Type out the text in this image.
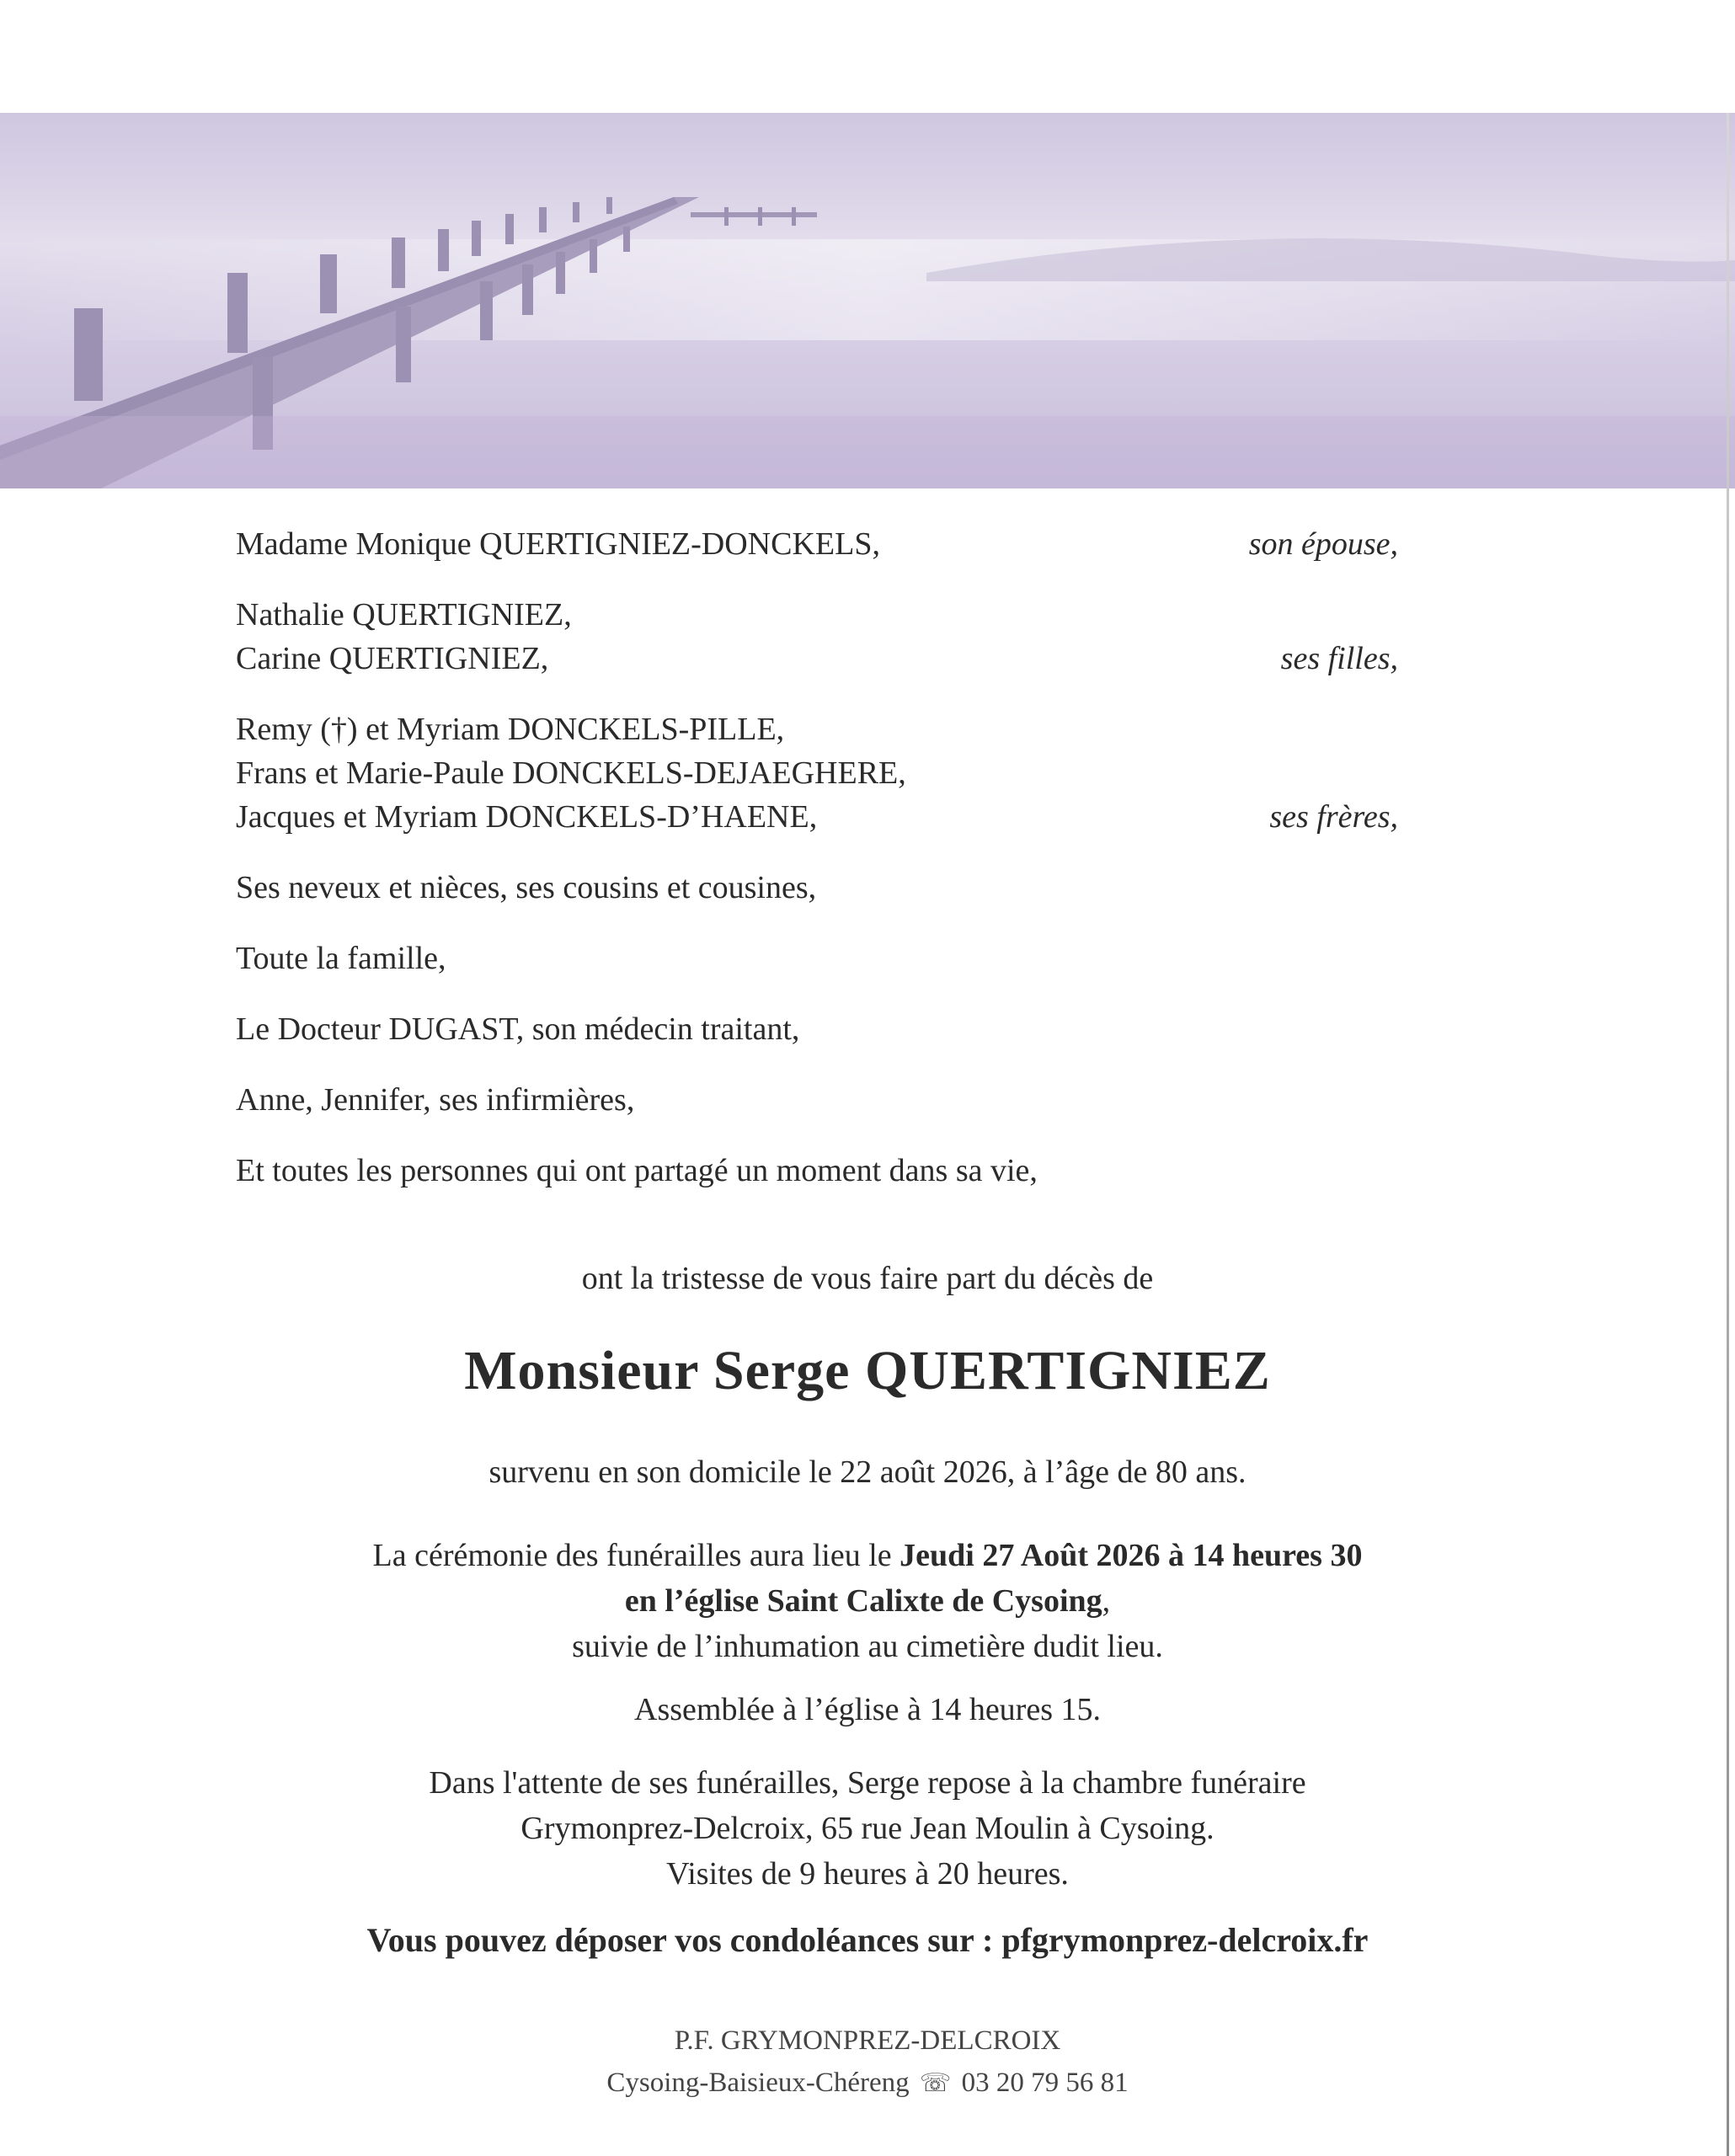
Madame Monique QUERTIGNIEZ-DONCKELS,	son épouse,
Nathalie QUERTIGNIEZ,
Carine QUERTIGNIEZ,	ses filles,
Remy (†) et Myriam DONCKELS-PILLE,
Frans et Marie-Paule DONCKELS-DEJAEGHERE,
Jacques et Myriam DONCKELS-D’HAENE,	ses frères,
Ses neveux et nièces, ses cousins et cousines,
Toute la famille,
Le Docteur DUGAST, son médecin traitant,
Anne, Jennifer, ses infirmières,
Et toutes les personnes qui ont partagé un moment dans sa vie,
ont la tristesse de vous faire part du décès de
Monsieur Serge QUERTIGNIEZ
survenu en son domicile le 22 août 2026, à l’âge de 80 ans.
La cérémonie des funérailles aura lieu le Jeudi 27 Août 2026 à 14 heures 30
en l’église Saint Calixte de Cysoing,
suivie de l’inhumation au cimetière dudit lieu.
Assemblée à l’église à 14 heures 15.
Dans l'attente de ses funérailles, Serge repose à la chambre funéraire
Grymonprez-Delcroix, 65 rue Jean Moulin à Cysoing.
Visites de 9 heures à 20 heures.
Vous pouvez déposer vos condoléances sur : pfgrymonprez-delcroix.fr
P.F. GRYMONPREZ-DELCROIX
Cysoing-Baisieux-Chéreng ☏ 03 20 79 56 81
